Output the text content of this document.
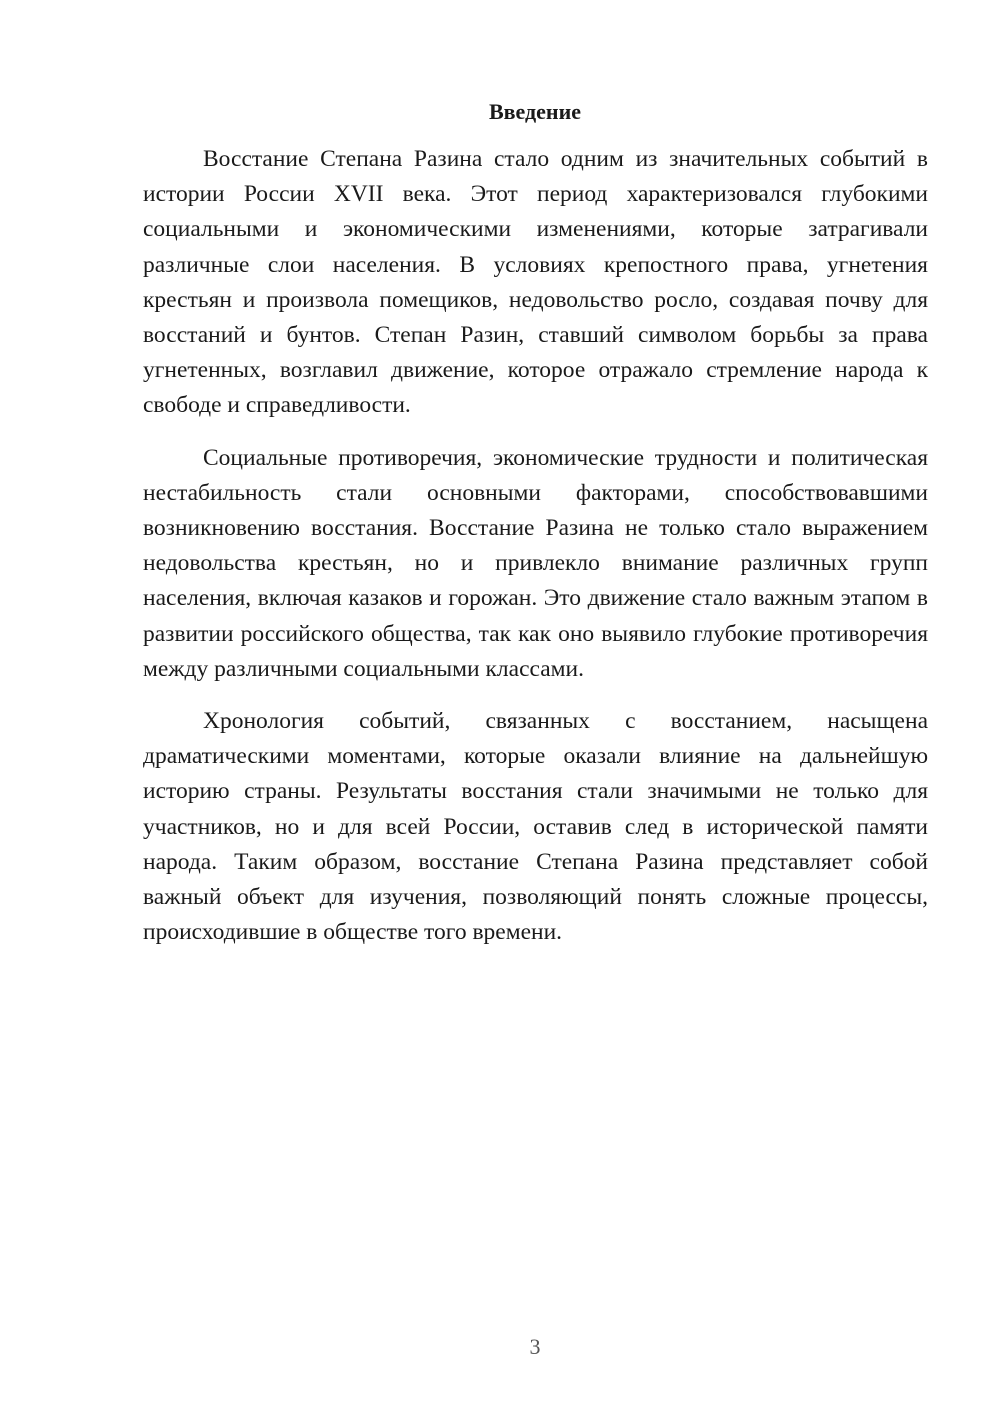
Введение

Восстание Степана Разина стало одним из значительных событий в истории России XVII века. Этот период характеризовался глубокими социальными и экономическими изменениями, которые затрагивали различные слои населения. В условиях крепостного права, угнетения крестьян и произвола помещиков, недовольство росло, создавая почву для восстаний и бунтов. Степан Разин, ставший символом борьбы за права угнетенных, возглавил движение, которое отражало стремление народа к свободе и справедливости.

Социальные противоречия, экономические трудности и политическая нестабильность стали основными факторами, способствовавшими возникновению восстания. Восстание Разина не только стало выражением недовольства крестьян, но и привлекло внимание различных групп населения, включая казаков и горожан. Это движение стало важным этапом в развитии российского общества, так как оно выявило глубокие противоречия между различными социальными классами.

Хронология событий, связанных с восстанием, насыщена драматическими моментами, которые оказали влияние на дальнейшую историю страны. Результаты восстания стали значимыми не только для участников, но и для всей России, оставив след в исторической памяти народа. Таким образом, восстание Степана Разина представляет собой важный объект для изучения, позволяющий понять сложные процессы, происходившие в обществе того времени.

3
